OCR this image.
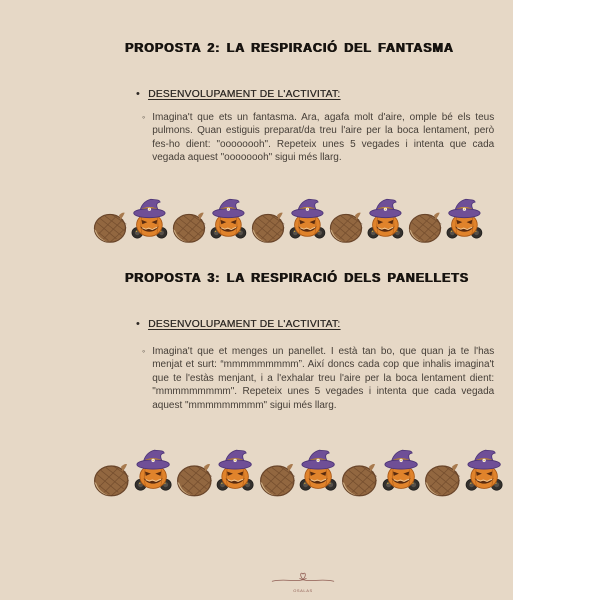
PROPOSTA 2: LA RESPIRACIÓ DEL FANTASMA
• DESENVOLUPAMENT DE L'ACTIVITAT:
◦ Imagina't que ets un fantasma. Ara, agafa molt d'aire, omple bé els teus pulmons. Quan estiguis preparat/da treu l'aire per la boca lentament, però fes-ho dient: "oooooooh". Repeteix unes 5 vegades i intenta que cada vegada aquest "oooooooh" sigui més llarg.
PROPOSTA 3: LA RESPIRACIÓ DELS PANELLETS
• DESENVOLUPAMENT DE L'ACTIVITAT:
◦ Imagina't que et menges un panellet. I està tan bo, que quan ja te l'has menjat et surt: “mmmmmmmmm”. Així doncs cada cop que inhalis imagina't que te l'estàs menjant, i a l'exhalar treu l'aire per la boca lentament dient: "mmmmmmmmm". Repeteix unes 5 vegades i intenta que cada vegada aquest "mmmmmmmmm" sigui més llarg.
OSALAS
